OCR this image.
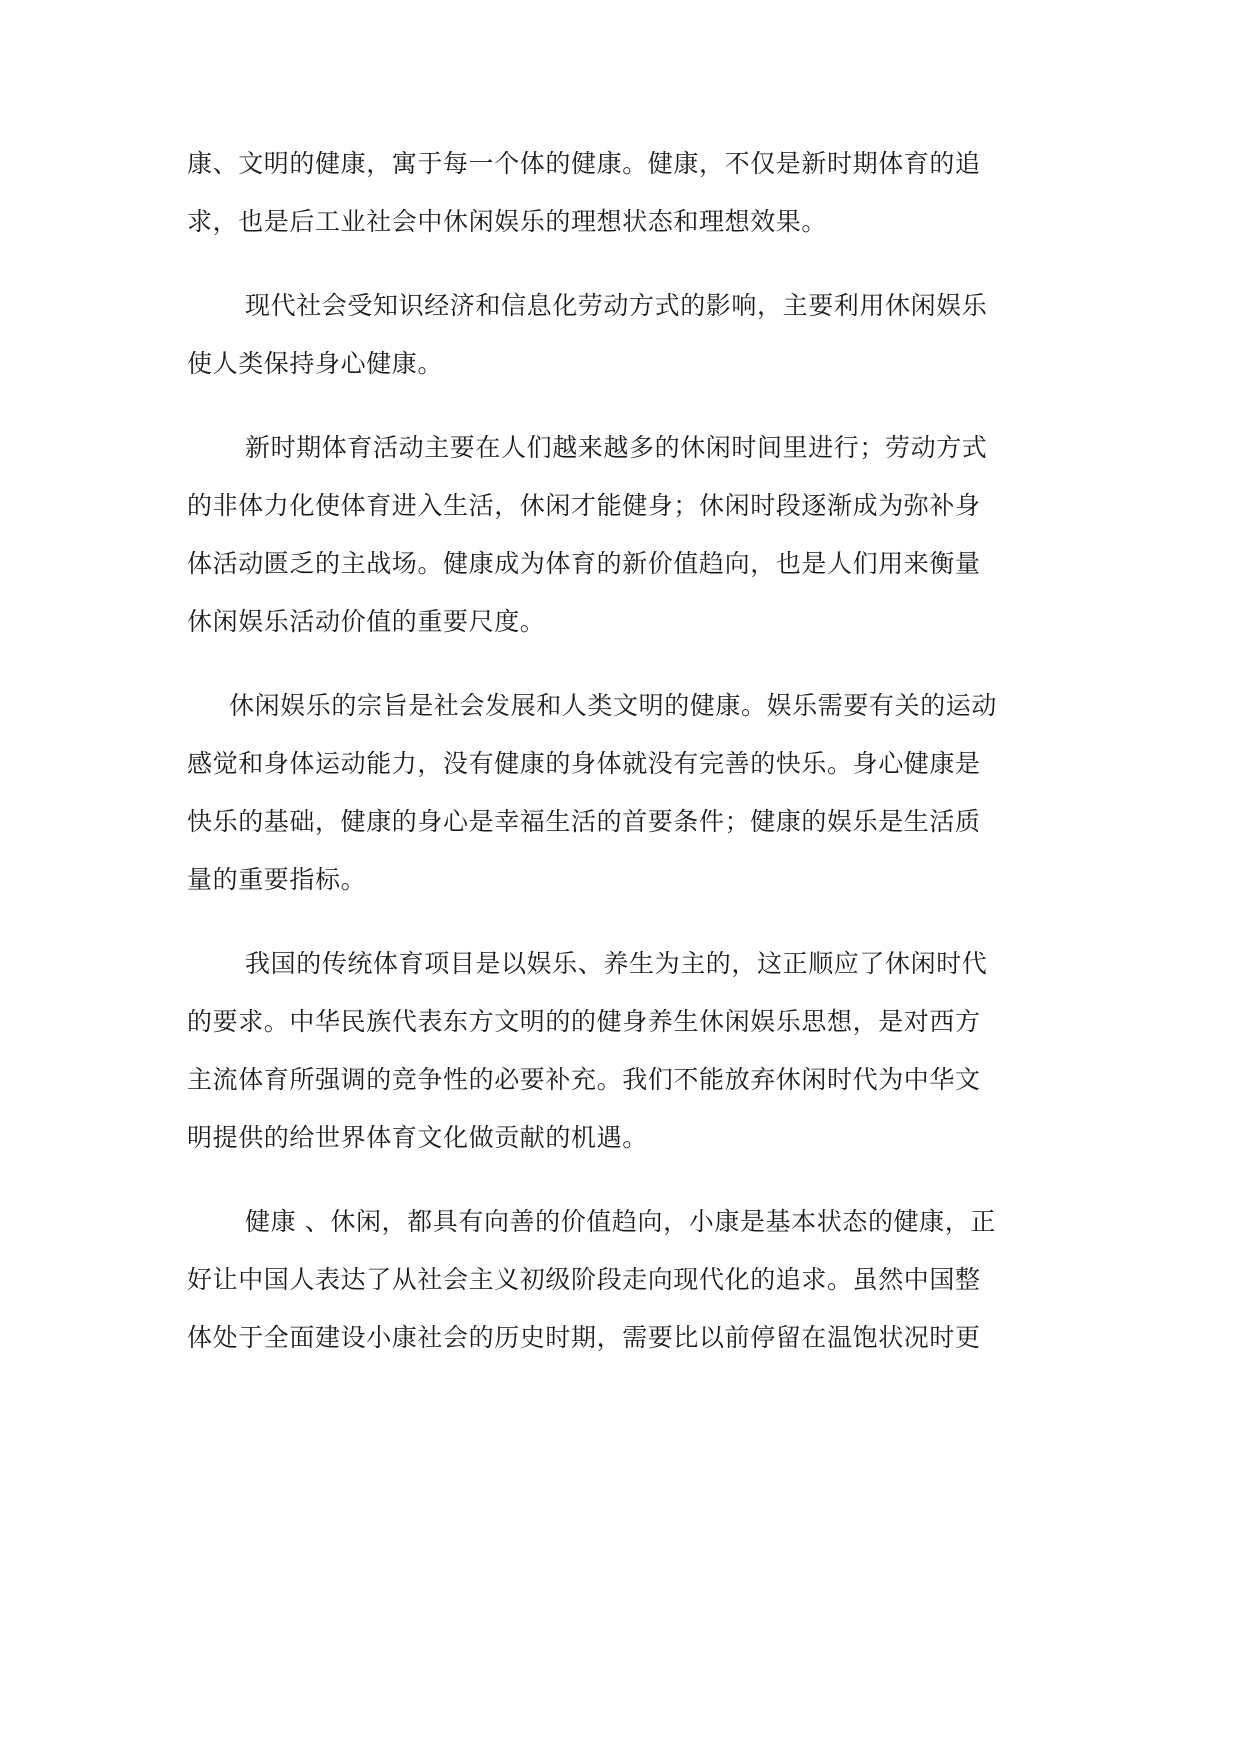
康、文明的健康，寓于每一个体的健康。健康，不仅是新时期体育的追

求，也是后工业社会中休闲娱乐的理想状态和理想效果。

现代社会受知识经济和信息化劳动方式的影响，主要利用休闲娱乐

使人类保持身心健康。

新时期体育活动主要在人们越来越多的休闲时间里进行；劳动方式

的非体力化使体育进入生活，休闲才能健身；休闲时段逐渐成为弥补身

体活动匮乏的主战场。健康成为体育的新价值趋向，也是人们用来衡量

休闲娱乐活动价值的重要尺度。

休闲娱乐的宗旨是社会发展和人类文明的健康。娱乐需要有关的运动

感觉和身体运动能力，没有健康的身体就没有完善的快乐。身心健康是

快乐的基础，健康的身心是幸福生活的首要条件；健康的娱乐是生活质

量的重要指标。

我国的传统体育项目是以娱乐、养生为主的，这正顺应了休闲时代

的要求。中华民族代表东方文明的的健身养生休闲娱乐思想，是对西方

主流体育所强调的竞争性的必要补充。我们不能放弃休闲时代为中华文

明提供的给世界体育文化做贡献的机遇。

健康 、休闲，都具有向善的价值趋向，小康是基本状态的健康，正

好让中国人表达了从社会主义初级阶段走向现代化的追求。虽然中国整

体处于全面建设小康社会的历史时期，需要比以前停留在温饱状况时更
